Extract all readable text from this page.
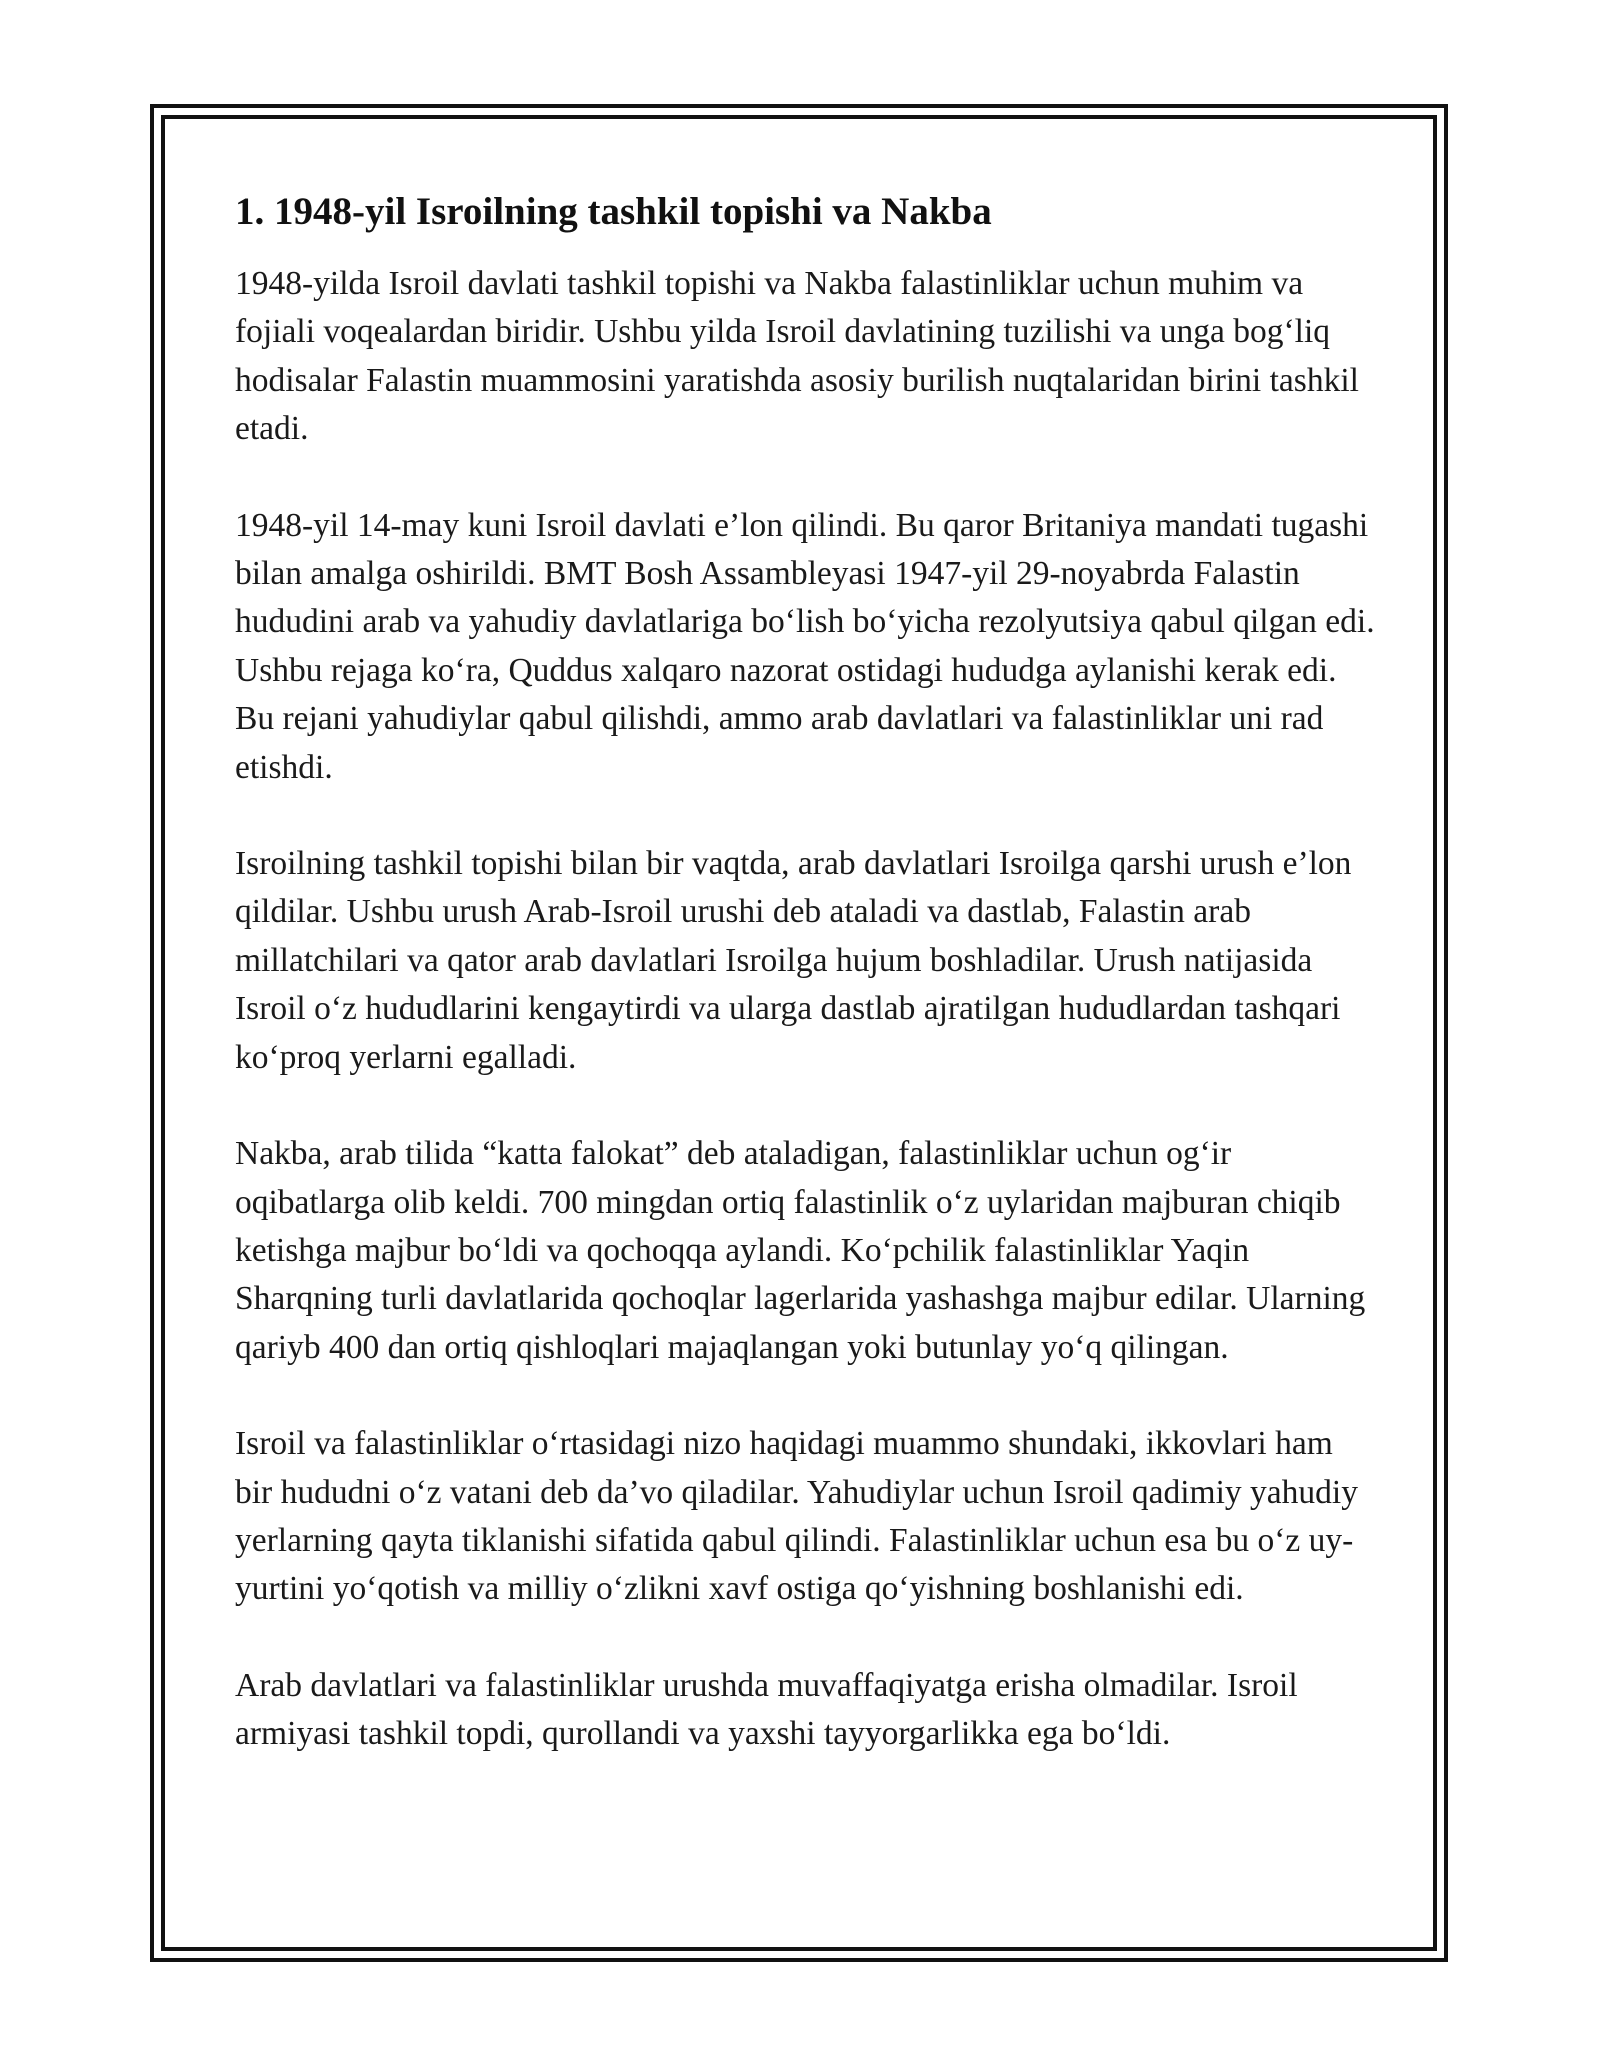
1. 1948-yil Isroilning tashkil topishi va Nakba

1948-yilda Isroil davlati tashkil topishi va Nakba falastinliklar uchun muhim va fojiali voqealardan biridir. Ushbu yilda Isroil davlatining tuzilishi va unga bog‘liq hodisalar Falastin muammosini yaratishda asosiy burilish nuqtalaridan birini tashkil etadi.

1948-yil 14-may kuni Isroil davlati e’lon qilindi. Bu qaror Britaniya mandati tugashi bilan amalga oshirildi. BMT Bosh Assambleyasi 1947-yil 29-noyabrda Falastin hududini arab va yahudiy davlatlariga bo‘lish bo‘yicha rezolyutsiya qabul qilgan edi. Ushbu rejaga ko‘ra, Quddus xalqaro nazorat ostidagi hududga aylanishi kerak edi. Bu rejani yahudiylar qabul qilishdi, ammo arab davlatlari va falastinliklar uni rad etishdi.

Isroilning tashkil topishi bilan bir vaqtda, arab davlatlari Isroilga qarshi urush e’lon qildilar. Ushbu urush Arab-Isroil urushi deb ataladi va dastlab, Falastin arab millatchilari va qator arab davlatlari Isroilga hujum boshladilar. Urush natijasida Isroil o‘z hududlarini kengaytirdi va ularga dastlab ajratilgan hududlardan tashqari ko‘proq yerlarni egalladi.

Nakba, arab tilida “katta falokat” deb ataladigan, falastinliklar uchun og‘ir oqibatlarga olib keldi. 700 mingdan ortiq falastinlik o‘z uylaridan majburan chiqib ketishga majbur bo‘ldi va qochoqqa aylandi. Ko‘pchilik falastinliklar Yaqin Sharqning turli davlatlarida qochoqlar lagerlarida yashashga majbur edilar. Ularning qariyb 400 dan ortiq qishloqlari majaqlangan yoki butunlay yo‘q qilingan.

Isroil va falastinliklar o‘rtasidagi nizo haqidagi muammo shundaki, ikkovlari ham bir hududni o‘z vatani deb da’vo qiladilar. Yahudiylar uchun Isroil qadimiy yahudiy yerlarning qayta tiklanishi sifatida qabul qilindi. Falastinliklar uchun esa bu o‘z uy-yurtini yo‘qotish va milliy o‘zlikni xavf ostiga qo‘yishning boshlanishi edi.

Arab davlatlari va falastinliklar urushda muvaffaqiyatga erisha olmadilar. Isroil armiyasi tashkil topdi, qurollandi va yaxshi tayyorgarlikka ega bo‘ldi.
